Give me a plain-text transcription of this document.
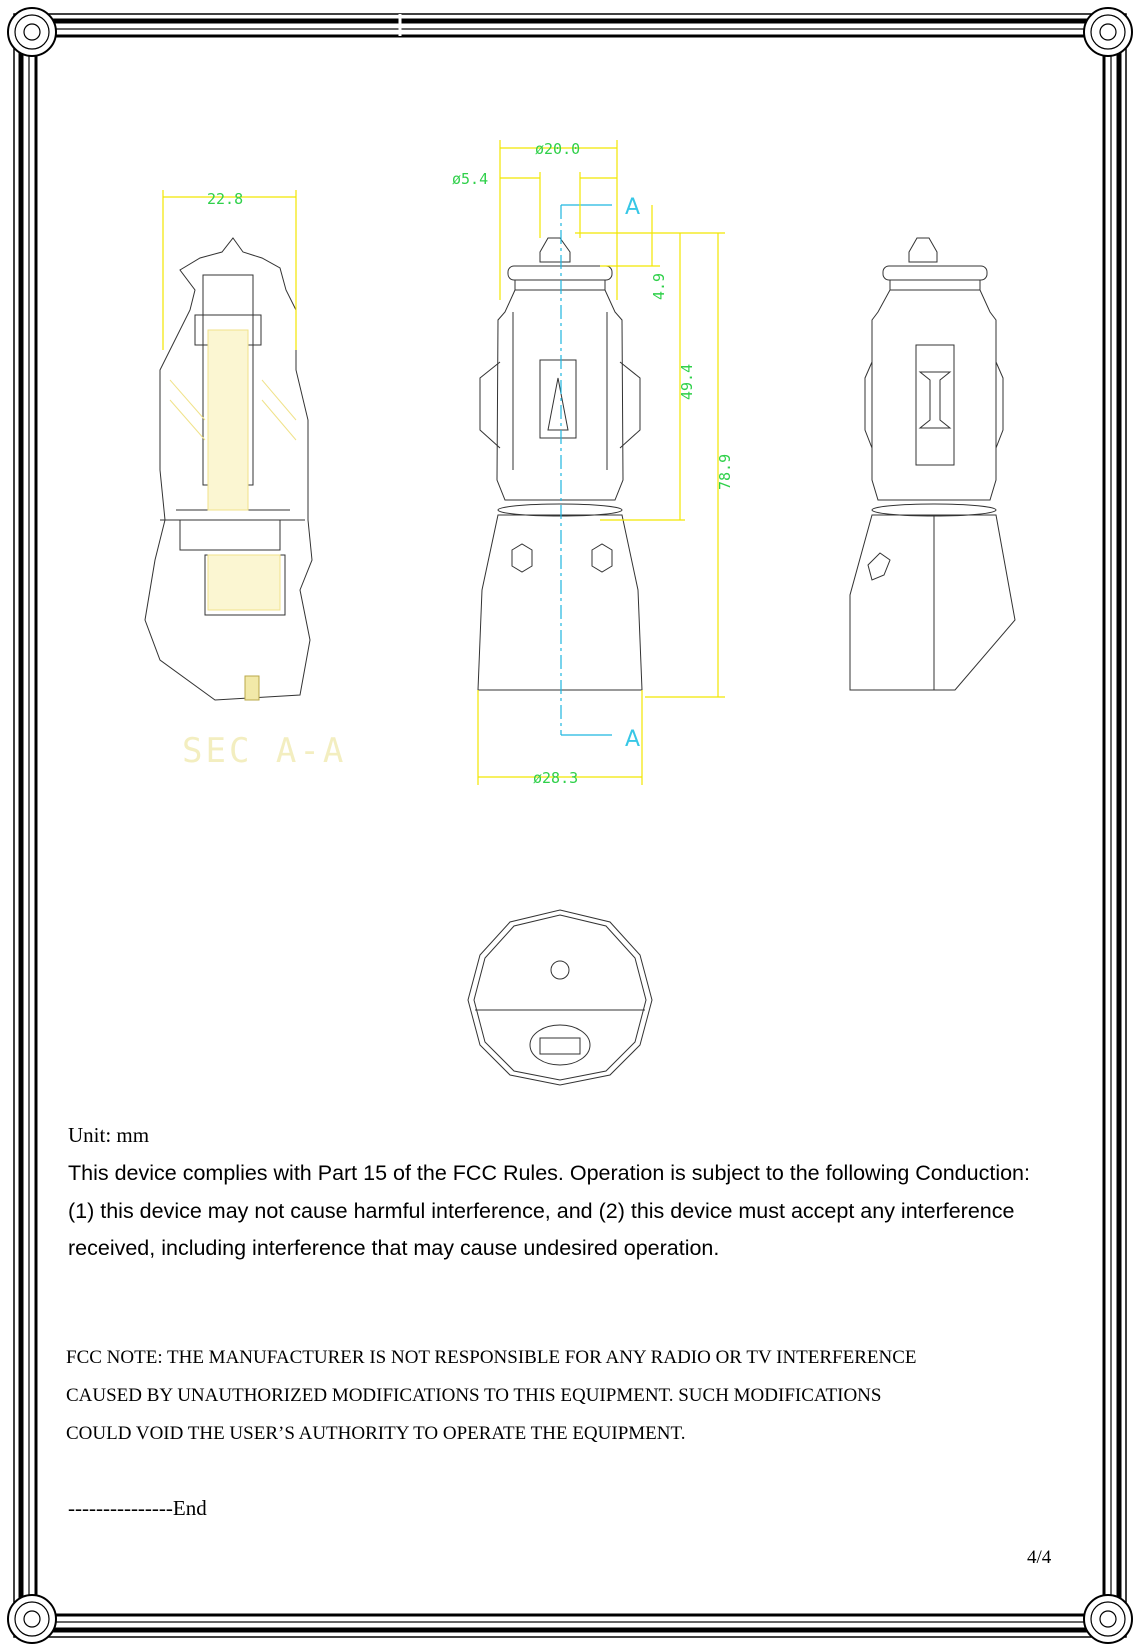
22.8
SEC A-A
A
A
ø20.0
ø5.4
4.9
49.4
78.9
ø28.3
Unit: mm
This device complies with Part 15 of the FCC Rules. Operation is subject to the following Conduction: (1) this device may not cause harmful interference, and (2) this device must accept any interference received, including interference that may cause undesired operation.
FCC NOTE: THE MANUFACTURER IS NOT RESPONSIBLE FOR ANY RADIO OR TV INTERFERENCE
CAUSED BY UNAUTHORIZED MODIFICATIONS TO THIS EQUIPMENT. SUCH MODIFICATIONS
COULD VOID THE USER’S AUTHORITY TO OPERATE THE EQUIPMENT.
---------------End
4/4
